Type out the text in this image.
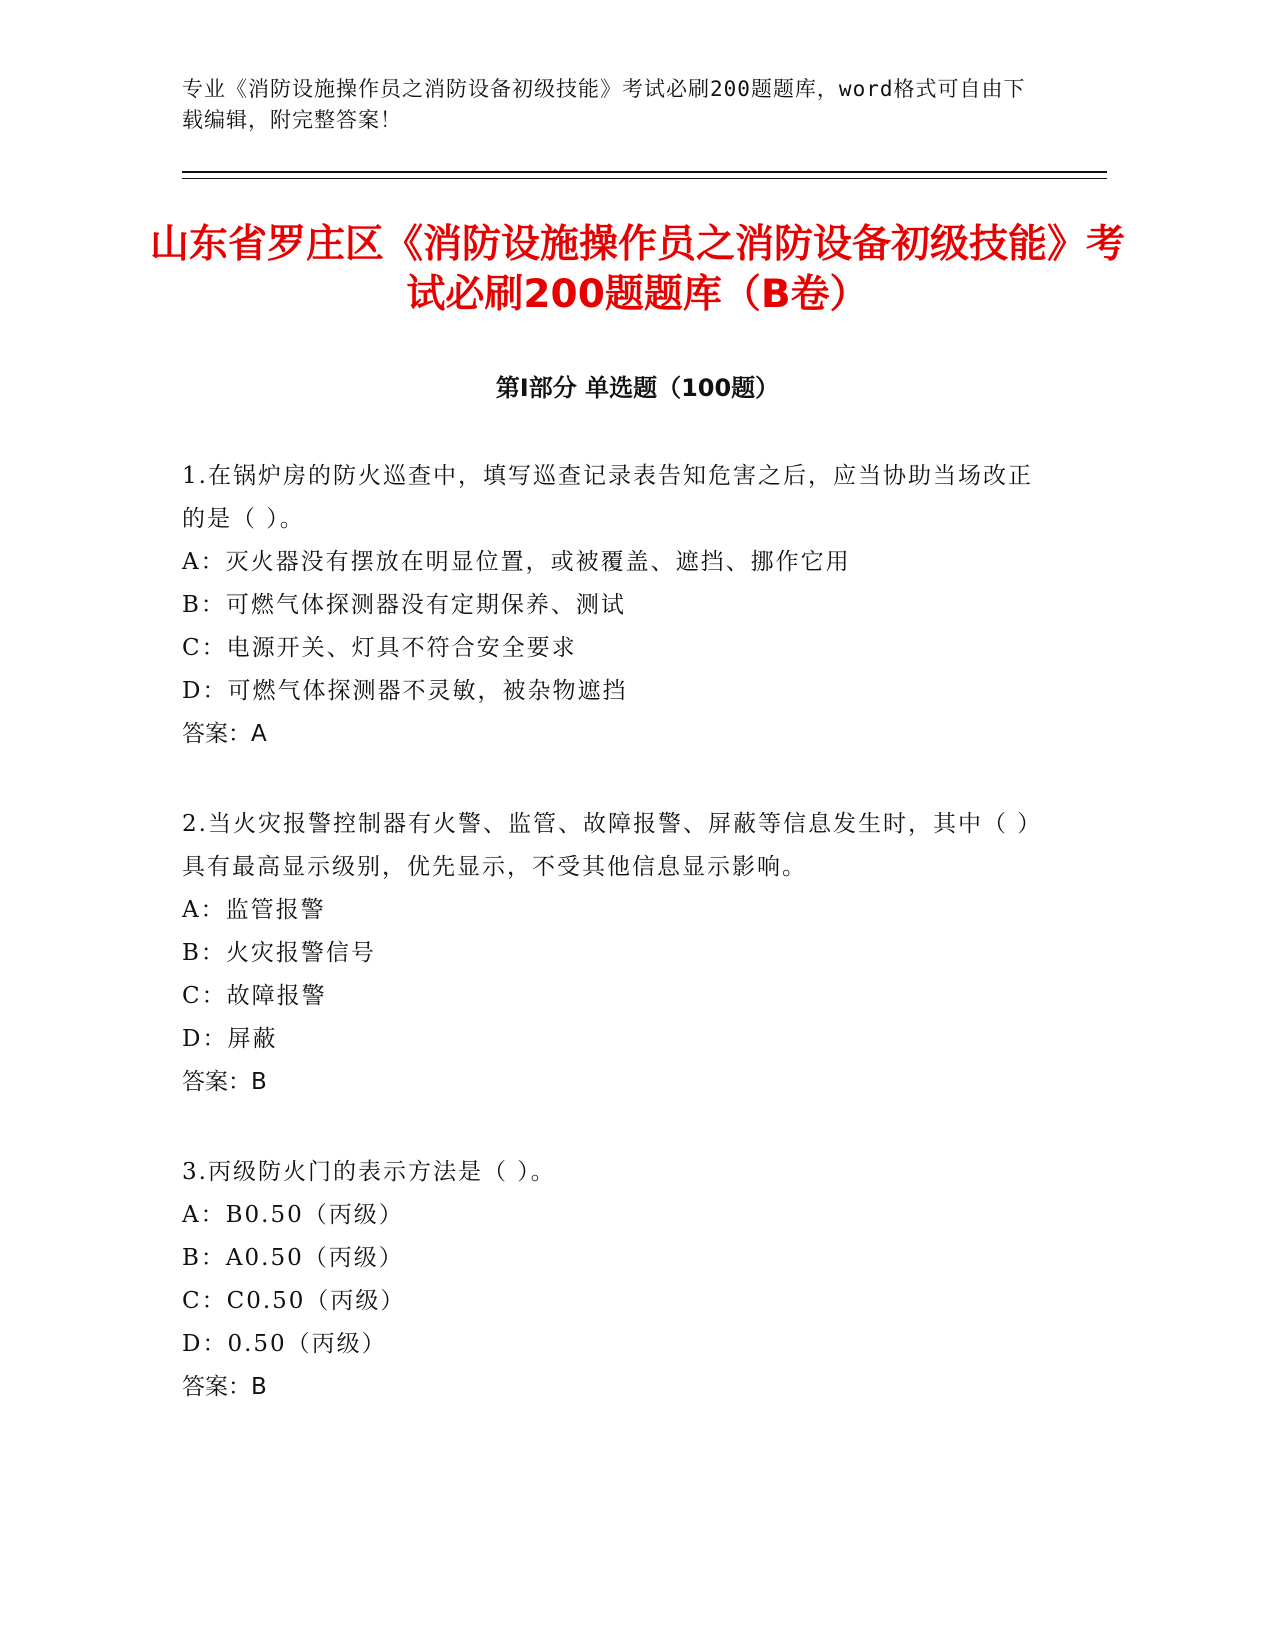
专业《消防设施操作员之消防设备初级技能》考试必刷200题题库，word格式可自由下载编辑，附完整答案！
山东省罗庄区《消防设施操作员之消防设备初级技能》考试必刷200题题库（B卷）
第I部分 单选题（100题）

1.在锅炉房的防火巡查中，填写巡查记录表告知危害之后，应当协助当场改正的是（ ）。

A：灭火器没有摆放在明显位置，或被覆盖、遮挡、挪作它用

B：可燃气体探测器没有定期保养、测试

C：电源开关、灯具不符合安全要求

D：可燃气体探测器不灵敏，被杂物遮挡

答案：A

2.当火灾报警控制器有火警、监管、故障报警、屏蔽等信息发生时，其中（ ）具有最高显示级别，优先显示，不受其他信息显示影响。

A：监管报警

B：火灾报警信号

C：故障报警

D：屏蔽

答案：B

3.丙级防火门的表示方法是（ ）。

A：B0.50（丙级）

B：A0.50（丙级）

C：C0.50（丙级）

D：0.50（丙级）

答案：B
